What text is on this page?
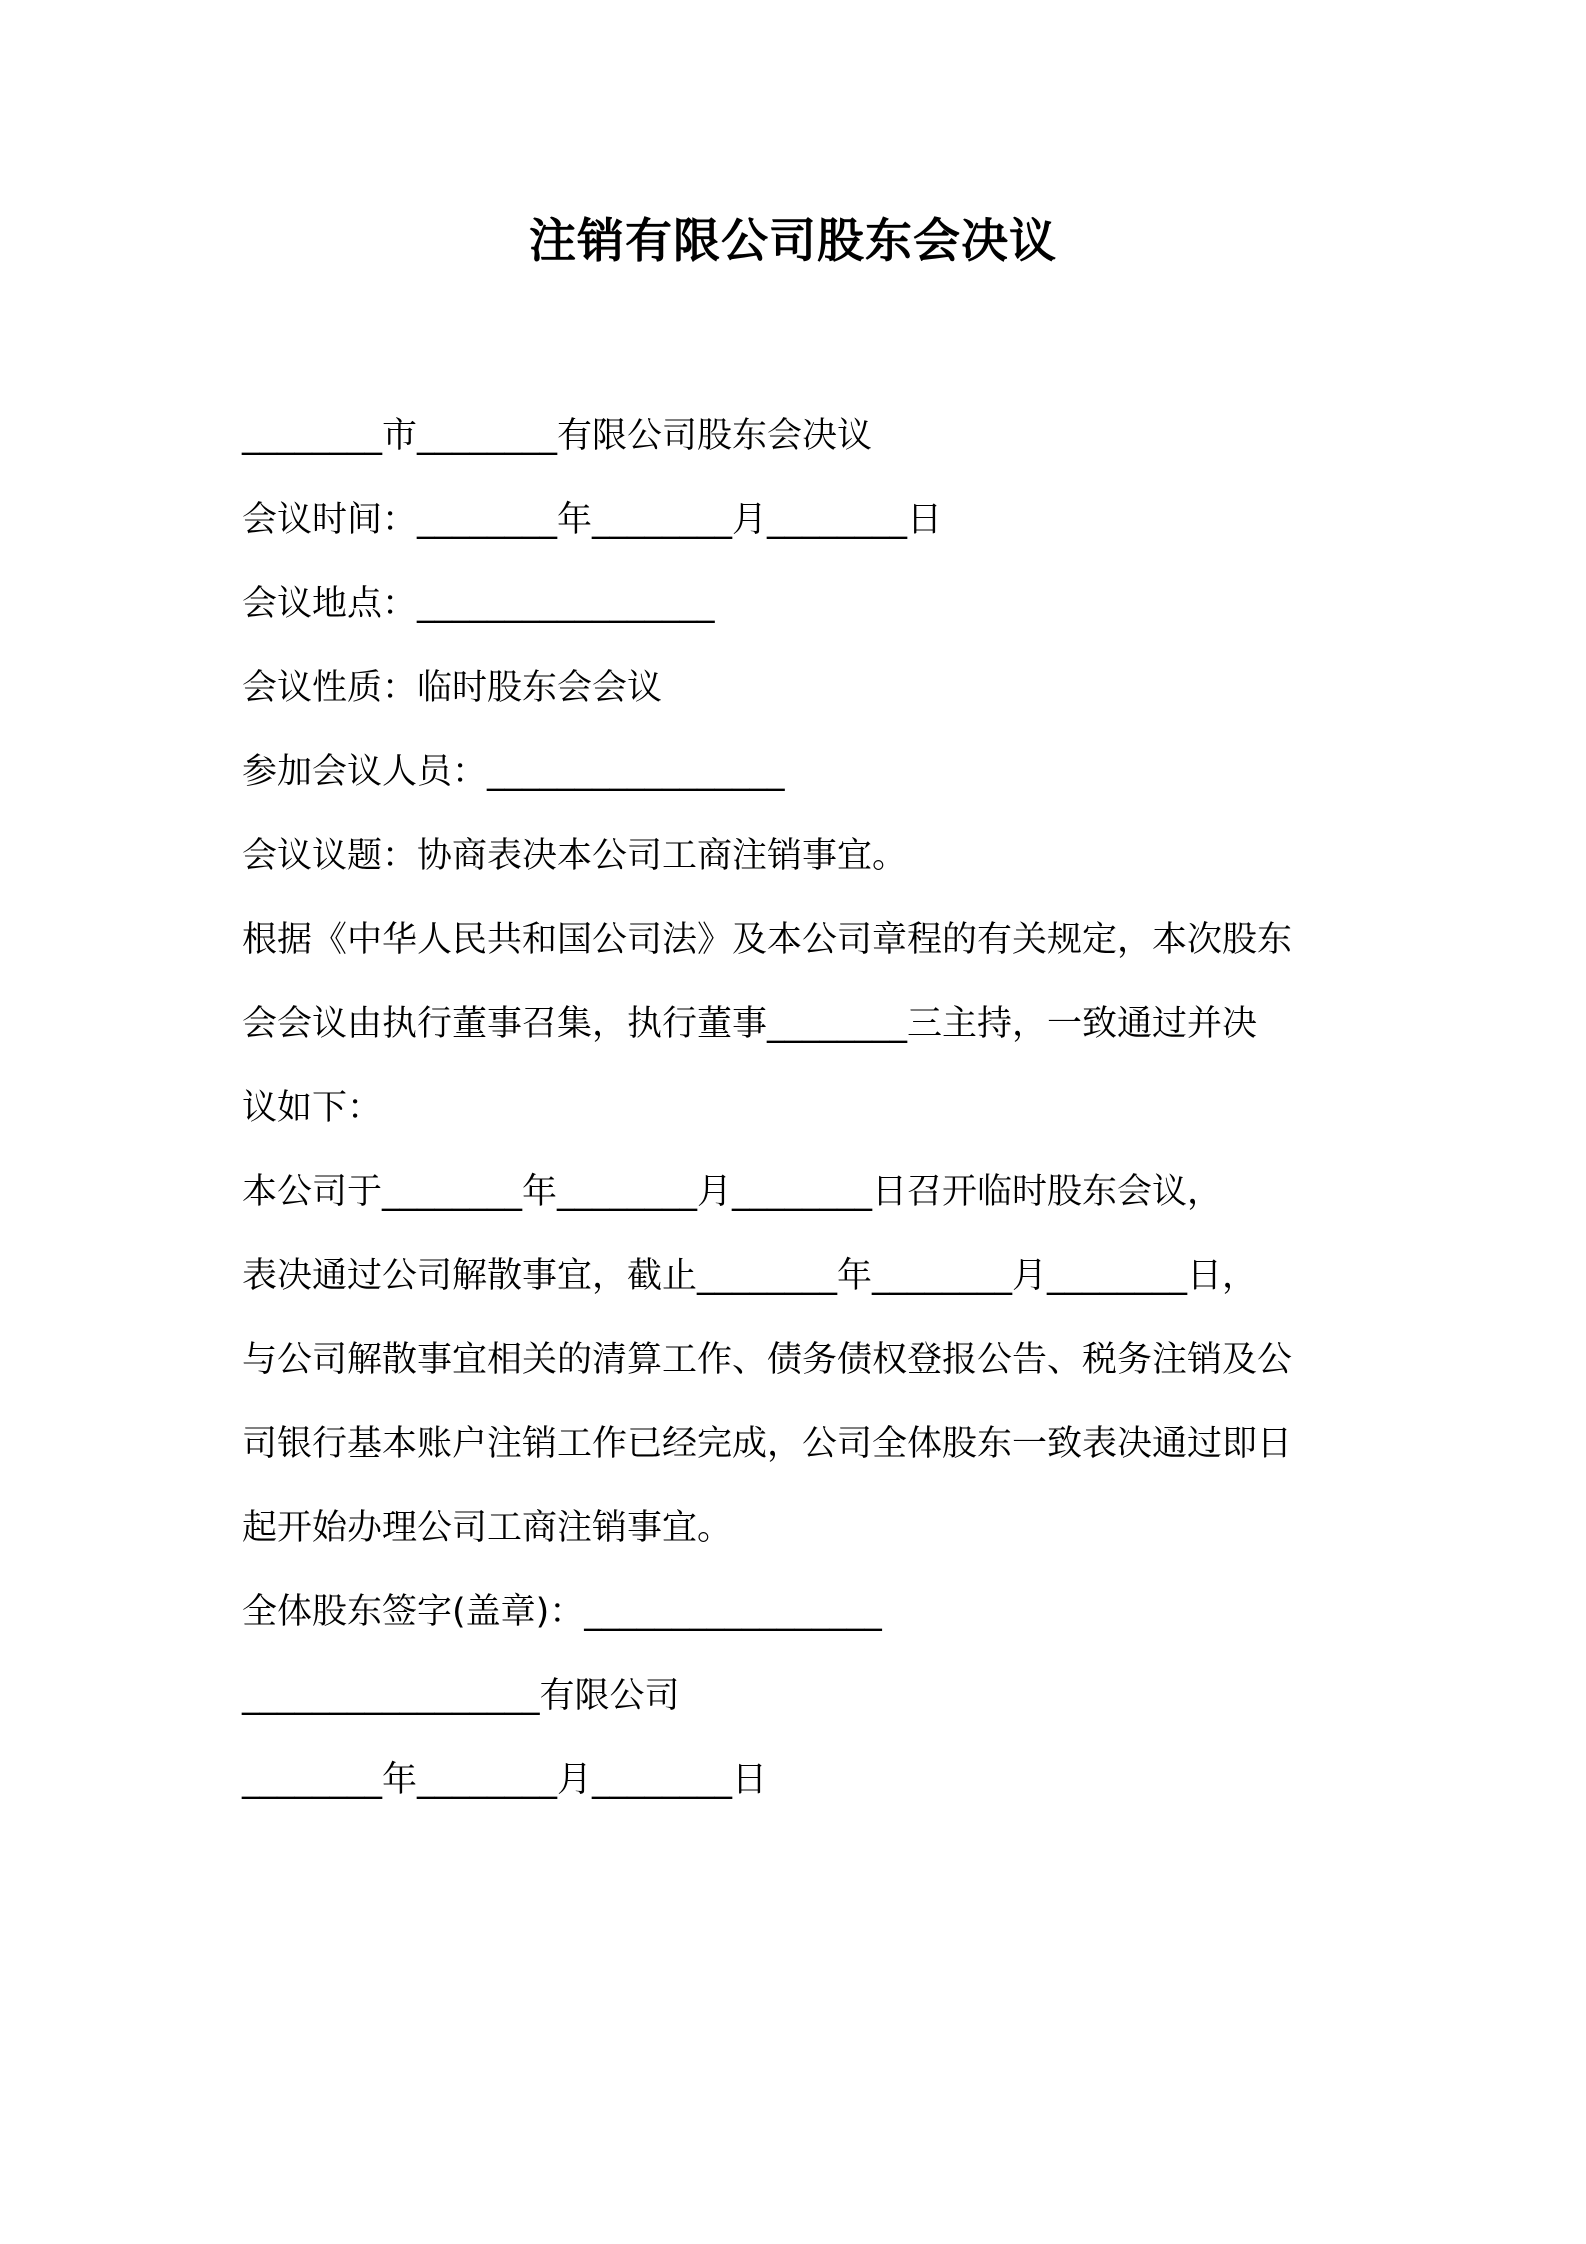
注销有限公司股东会决议
________市________有限公司股东会决议
会议时间：________年________月________日
会议地点：_________________
会议性质：临时股东会会议
参加会议人员：_________________
会议议题：协商表决本公司工商注销事宜。
根据《中华人民共和国公司法》及本公司章程的有关规定，本次股东
会会议由执行董事召集，执行董事________三主持，一致通过并决
议如下：
本公司于________年________月________日召开临时股东会议，
表决通过公司解散事宜，截止________年________月________日，
与公司解散事宜相关的清算工作、债务债权登报公告、税务注销及公
司银行基本账户注销工作已经完成，公司全体股东一致表决通过即日
起开始办理公司工商注销事宜。
全体股东签字(盖章)：_________________
_________________有限公司
________年________月________日
